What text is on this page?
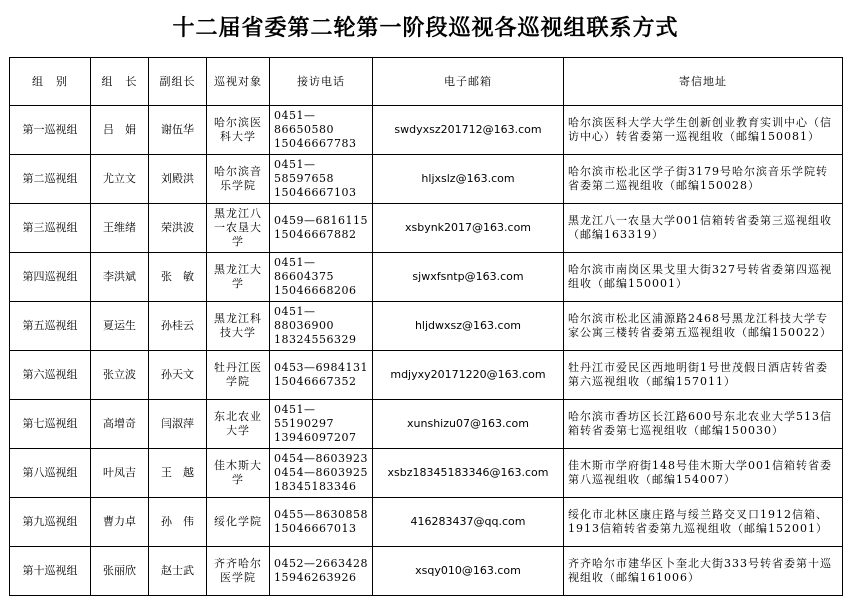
十二届省委第二轮第一阶段巡视各巡视组联系方式
组　别	组　长	副组长	巡视对象	接访电话	电子邮箱	寄信地址
第一巡视组	吕　娟	谢伍华	哈尔滨医科大学	0451—86650580
15046667783	swdyxsz201712@163.com	哈尔滨医科大学大学生创新创业教育实训中心（信访中心）转省委第一巡视组收（邮编150081）
第二巡视组	尤立文	刘殿洪	哈尔滨音乐学院	0451—58597658
15046667103	hljxslz@163.com	哈尔滨市松北区学子街3179号哈尔滨音乐学院转省委第二巡视组收（邮编150028）
第三巡视组	王维绪	荣洪波	黑龙江八一农垦大学	0459—6816115
15046667882	xsbynk2017@163.com	黑龙江八一农垦大学001信箱转省委第三巡视组收（邮编163319）
第四巡视组	李洪斌	张　敏	黑龙江大学	0451—86604375
15046668206	sjwxfsntp@163.com	哈尔滨市南岗区果戈里大街327号转省委第四巡视组收（邮编150001）
第五巡视组	夏运生	孙桂云	黑龙江科技大学	0451—88036900
18324556329	hljdwxsz@163.com	哈尔滨市松北区浦源路2468号黑龙江科技大学专家公寓三楼转省委第五巡视组收（邮编150022）
第六巡视组	张立波	孙天文	牡丹江医学院	0453—6984131
15046667352	mdjyxy20171220@163.com	牡丹江市爱民区西地明街1号世茂假日酒店转省委第六巡视组收（邮编157011）
第七巡视组	高增奇	闫淑萍	东北农业大学	0451—55190297
13946097207	xunshizu07@163.com	哈尔滨市香坊区长江路600号东北农业大学513信箱转省委第七巡视组收（邮编150030）
第八巡视组	叶凤吉	王　越	佳木斯大学	0454—8603923
0454—8603925
18345183346	xsbz18345183346@163.com	佳木斯市学府街148号佳木斯大学001信箱转省委第八巡视组收（邮编154007）
第九巡视组	曹力卓	孙　伟	绥化学院	0455—8630858
15046667013	416283437@qq.com	绥化市北林区康庄路与绥兰路交叉口1912信箱、1913信箱转省委第九巡视组收（邮编152001）
第十巡视组	张丽欣	赵士武	齐齐哈尔医学院	0452—2663428
15946263926	xsqy010@163.com	齐齐哈尔市建华区卜奎北大街333号转省委第十巡视组收（邮编161006）
